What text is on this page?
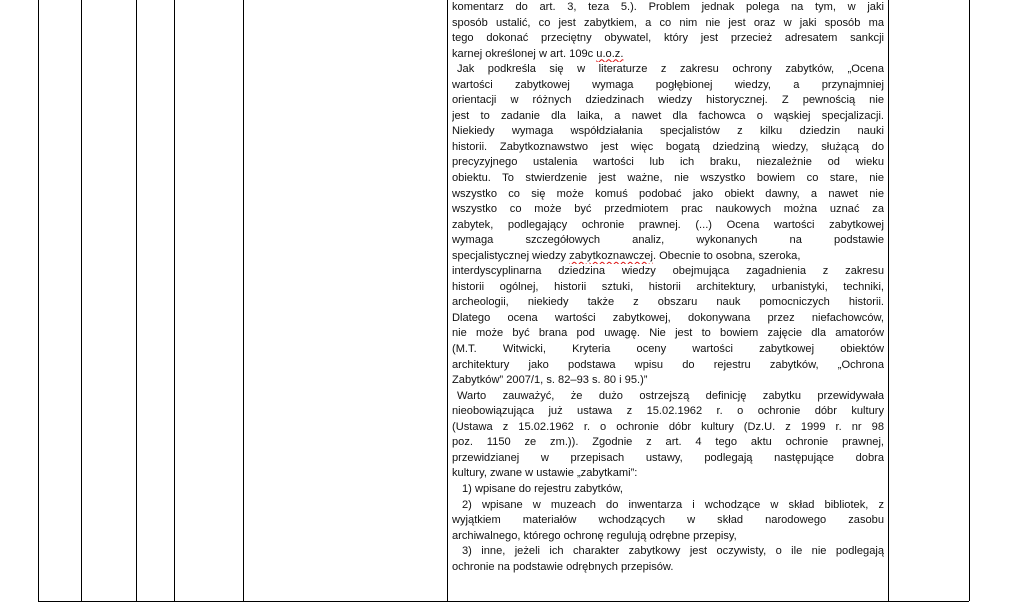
komentarz do art. 3, teza 5.). Problem jednak polega na tym, w jaki
sposób ustalić, co jest zabytkiem, a co nim nie jest oraz w jaki sposób ma
tego dokonać przeciętny obywatel, który jest przecież adresatem sankcji
karnej określonej w art. 109c u.o.z.
Jak podkreśla się w literaturze z zakresu ochrony zabytków, „Ocena
wartości zabytkowej wymaga pogłębionej wiedzy, a przynajmniej
orientacji w różnych dziedzinach wiedzy historycznej. Z pewnością nie
jest to zadanie dla laika, a nawet dla fachowca o wąskiej specjalizacji.
Niekiedy wymaga współdziałania specjalistów z kilku dziedzin nauki
historii. Zabytkoznawstwo jest więc bogatą dziedziną wiedzy, służącą do
precyzyjnego ustalenia wartości lub ich braku, niezależnie od wieku
obiektu. To stwierdzenie jest ważne, nie wszystko bowiem co stare, nie
wszystko co się może komuś podobać jako obiekt dawny, a nawet nie
wszystko co może być przedmiotem prac naukowych można uznać za
zabytek, podlegający ochronie prawnej. (...) Ocena wartości zabytkowej
wymaga szczegółowych analiz, wykonanych na podstawie
specjalistycznej wiedzy zabytkoznawczej. Obecnie to osobna, szeroka,
interdyscyplinarna dziedzina wiedzy obejmująca zagadnienia z zakresu
historii ogólnej, historii sztuki, historii architektury, urbanistyki, techniki,
archeologii, niekiedy także z obszaru nauk pomocniczych historii.
Dlatego ocena wartości zabytkowej, dokonywana przez niefachowców,
nie może być brana pod uwagę. Nie jest to bowiem zajęcie dla amatorów
(M.T. Witwicki, Kryteria oceny wartości zabytkowej obiektów
architektury jako podstawa wpisu do rejestru zabytków, „Ochrona
Zabytków” 2007/1, s. 82–93 s. 80 i 95.)”
Warto zauważyć, że dużo ostrzejszą definicję zabytku przewidywała
nieobowiązująca już ustawa z 15.02.1962 r. o ochronie dóbr kultury
(Ustawa z 15.02.1962 r. o ochronie dóbr kultury (Dz.U. z 1999 r. nr 98
poz. 1150 ze zm.)). Zgodnie z art. 4 tego aktu ochronie prawnej,
przewidzianej w przepisach ustawy, podlegają następujące dobra
kultury, zwane w ustawie „zabytkami”:
1) wpisane do rejestru zabytków,
2) wpisane w muzeach do inwentarza i wchodzące w skład bibliotek, z
wyjątkiem materiałów wchodzących w skład narodowego zasobu
archiwalnego, którego ochronę regulują odrębne przepisy,
3) inne, jeżeli ich charakter zabytkowy jest oczywisty, o ile nie podlegają
ochronie na podstawie odrębnych przepisów.
